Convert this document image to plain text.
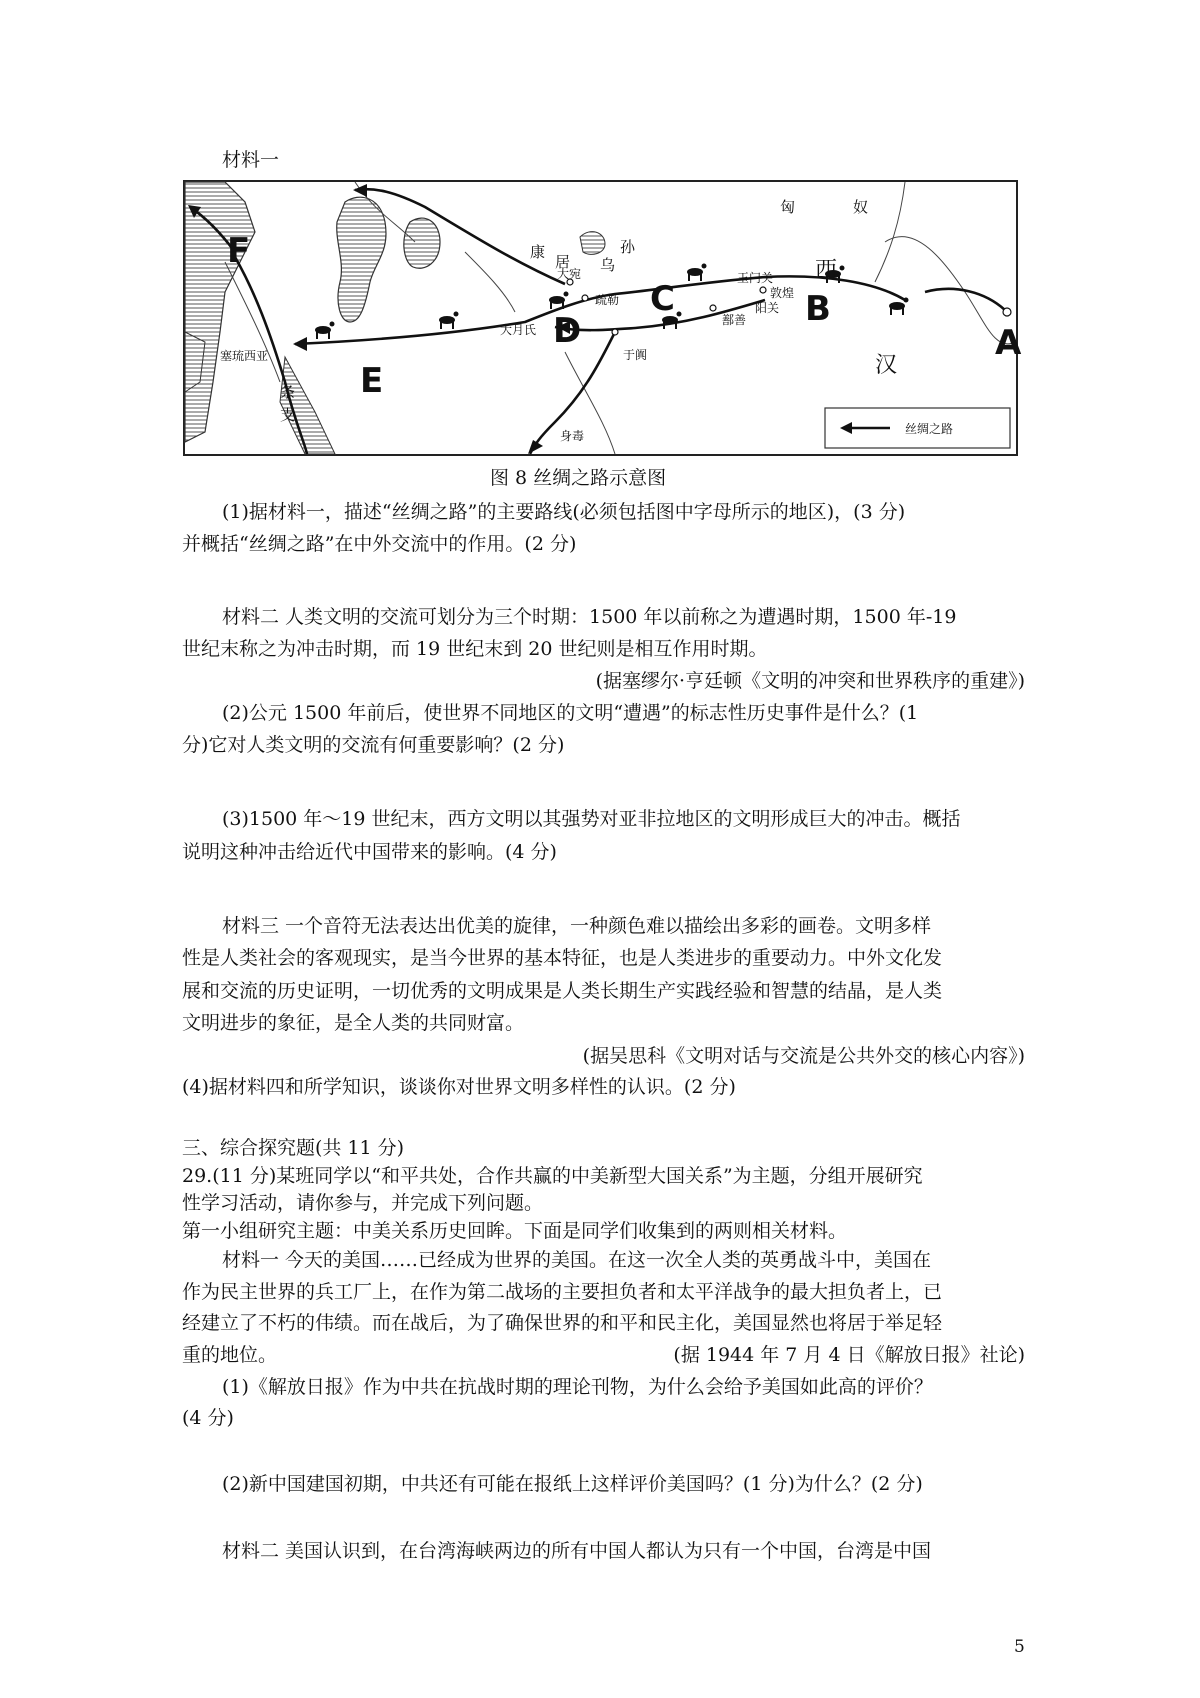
材料一
匈	奴
西
汉
康
居 乌
孙
大宛
疏勒
玉门关
敦煌
阳关
鄯善
于阗
大月氏
塞琉西亚
条
支
身毒
A
B
C
D
E
F
丝绸之路
图 8 丝绸之路示意图
(1)据材料一，描述“丝绸之路”的主要路线(必须包括图中字母所示的地区)，(3 分)
并概括“丝绸之路”在中外交流中的作用。(2 分)
材料二 人类文明的交流可划分为三个时期：1500 年以前称之为遭遇时期，1500 年-19
世纪末称之为冲击时期，而 19 世纪末到 20 世纪则是相互作用时期。
(据塞缪尔·亨廷顿《文明的冲突和世界秩序的重建》)
(2)公元 1500 年前后，使世界不同地区的文明“遭遇”的标志性历史事件是什么？(1
分)它对人类文明的交流有何重要影响？(2 分)
(3)1500 年～19 世纪末，西方文明以其强势对亚非拉地区的文明形成巨大的冲击。概括
说明这种冲击给近代中国带来的影响。(4 分)
材料三 一个音符无法表达出优美的旋律，一种颜色难以描绘出多彩的画卷。文明多样
性是人类社会的客观现实，是当今世界的基本特征，也是人类进步的重要动力。中外文化发
展和交流的历史证明，一切优秀的文明成果是人类长期生产实践经验和智慧的结晶，是人类
文明进步的象征，是全人类的共同财富。
(据吴思科《文明对话与交流是公共外交的核心内容》)
(4)据材料四和所学知识，谈谈你对世界文明多样性的认识。(2 分)
三、综合探究题(共 11 分)
29.(11 分)某班同学以“和平共处，合作共赢的中美新型大国关系”为主题，分组开展研究
性学习活动，请你参与，并完成下列问题。
第一小组研究主题：中美关系历史回眸。下面是同学们收集到的两则相关材料。
材料一 今天的美国……已经成为世界的美国。在这一次全人类的英勇战斗中，美国在
作为民主世界的兵工厂上，在作为第二战场的主要担负者和太平洋战争的最大担负者上，已
经建立了不朽的伟绩。而在战后，为了确保世界的和平和民主化，美国显然也将居于举足轻
重的地位。	(据 1944 年 7 月 4 日《解放日报》社论)
(1)《解放日报》作为中共在抗战时期的理论刊物，为什么会给予美国如此高的评价？
(4 分)
(2)新中国建国初期，中共还有可能在报纸上这样评价美国吗？(1 分)为什么？(2 分)
材料二 美国认识到，在台湾海峡两边的所有中国人都认为只有一个中国，台湾是中国
5
